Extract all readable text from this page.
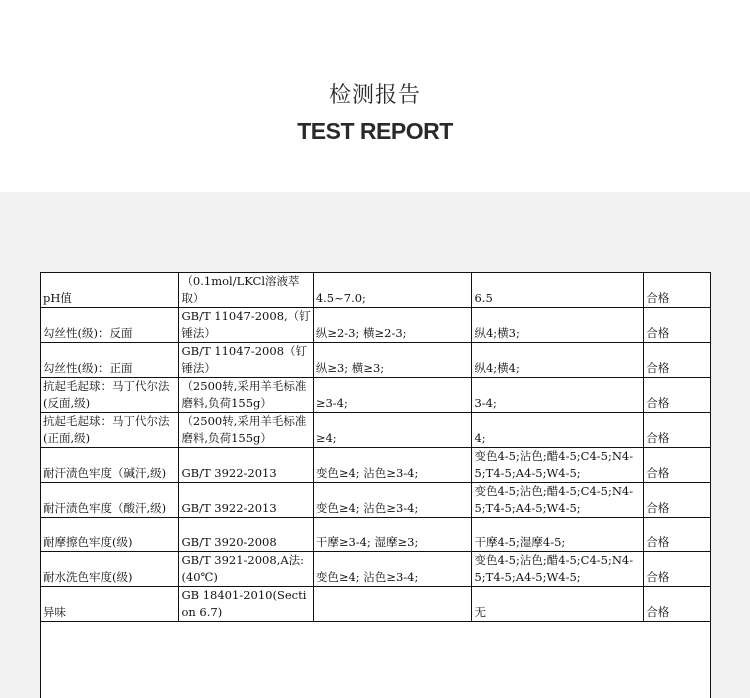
检测报告
TEST REPORT
pH值	（0.1mol/LKCl溶液萃取）	4.5~7.0;	6.5	合格
勾丝性(级)：反面	GB/T 11047-2008,（钉锤法）	纵≥2-3; 横≥2-3;	纵4;横3;	合格
勾丝性(级)：正面	GB/T 11047-2008（钉锤法）	纵≥3; 横≥3;	纵4;横4;	合格
抗起毛起球：马丁代尔法(反面,级)	（2500转,采用羊毛标准磨料,负荷155g）	≥3-4;	3-4;	合格
抗起毛起球：马丁代尔法(正面,级)	（2500转,采用羊毛标准磨料,负荷155g）	≥4;	4;	合格
耐汗渍色牢度（碱汗,级)	GB/T 3922-2013	变色≥4; 沾色≥3-4;	变色4-5;沾色;醋4-5;C4-5;N4-5;T4-5;A4-5;W4-5;	合格
耐汗渍色牢度（酸汗,级)	GB/T 3922-2013	变色≥4; 沾色≥3-4;	变色4-5;沾色;醋4-5;C4-5;N4-5;T4-5;A4-5;W4-5;	合格
耐摩擦色牢度(级)	GB/T 3920-2008	干摩≥3-4; 湿摩≥3;	干摩4-5;湿摩4-5;	合格
耐水洗色牢度(级)	GB/T 3921-2008,A法:(40℃)	变色≥4; 沾色≥3-4;	变色4-5;沾色;醋4-5;C4-5;N4-5;T4-5;A4-5;W4-5;	合格
异味	GB 18401-2010(Section 6.7)		无	合格
